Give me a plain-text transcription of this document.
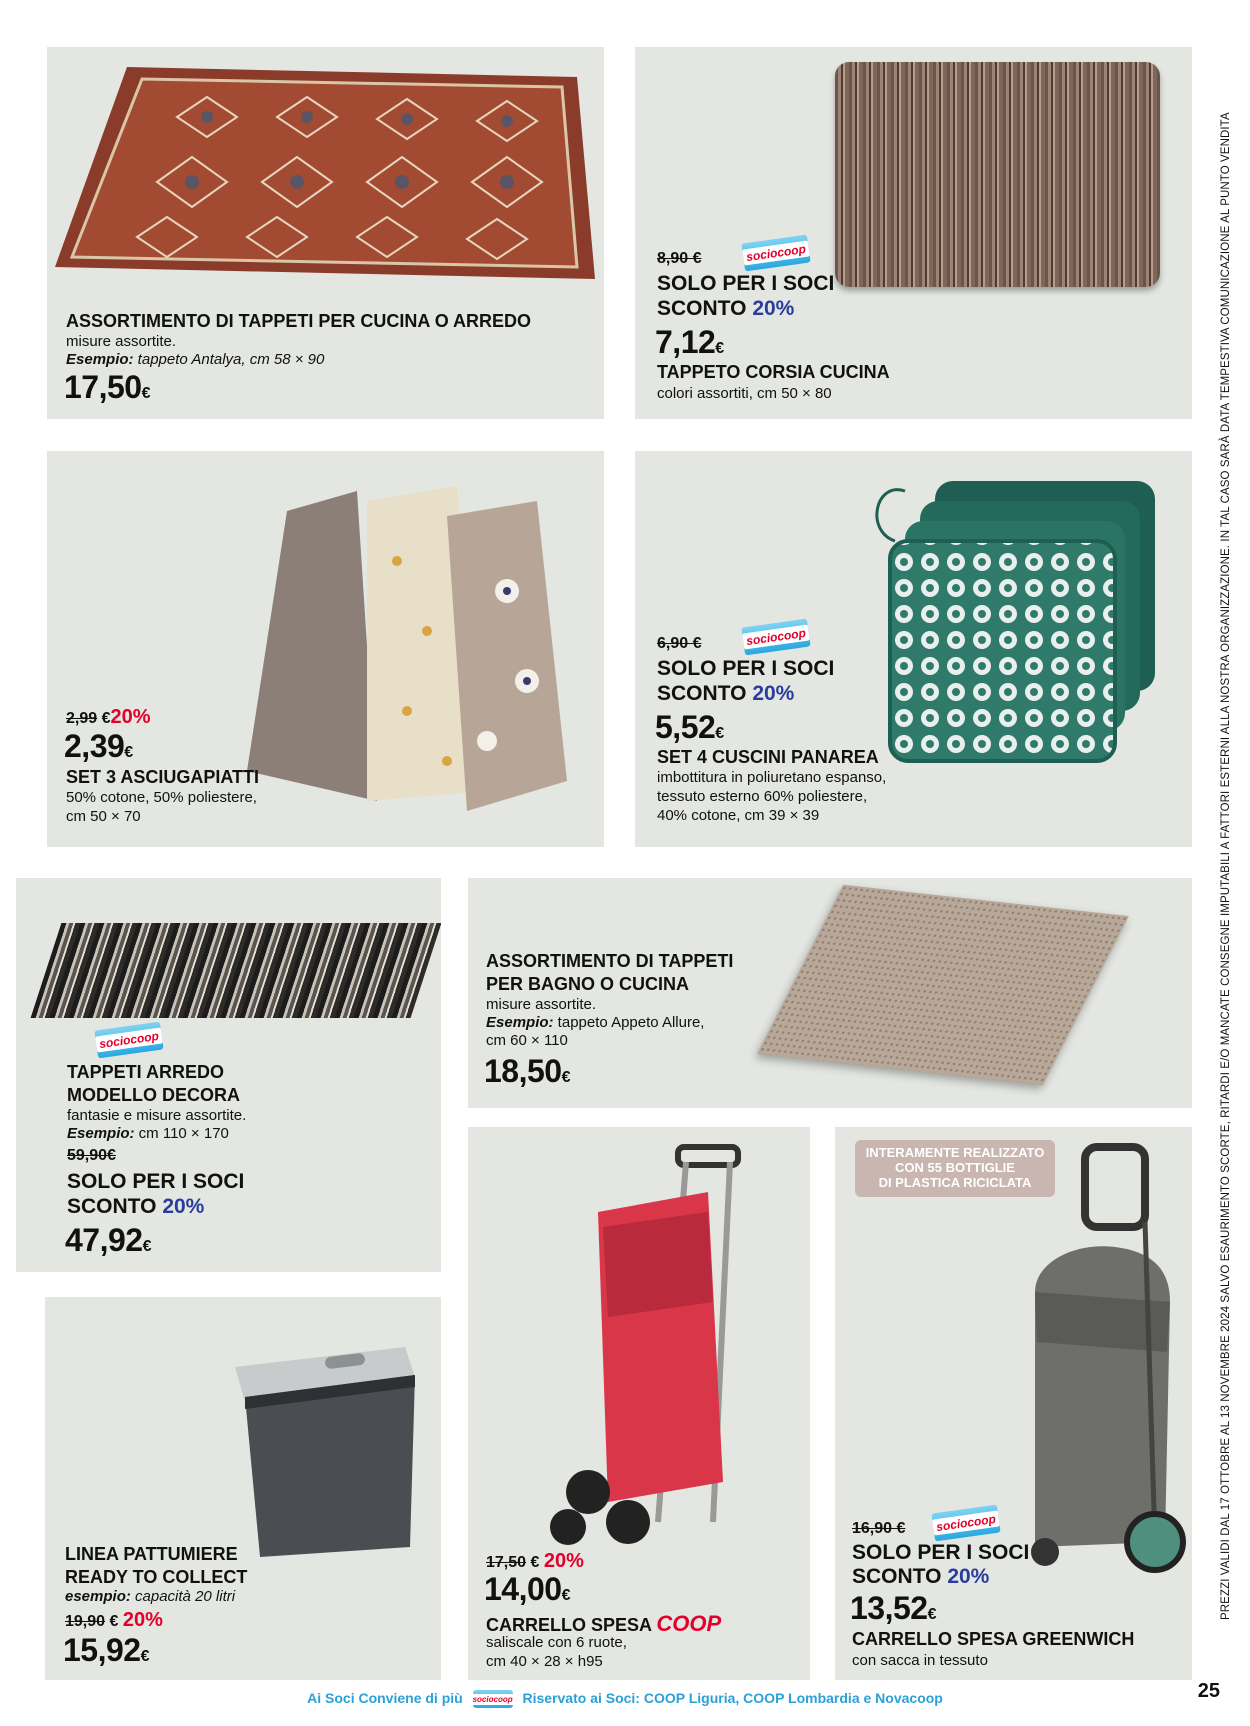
PREZZI VALIDI DAL 17 OTTOBRE AL 13 NOVEMBRE 2024 SALVO ESAURIMENTO SCORTE, RITARDI E/O MANCATE CONSEGNE IMPUTABILI A FATTORI ESTERNI ALLA NOSTRA ORGANIZZAZIONE. IN TAL CASO SARÀ DATA TEMPESTIVA COMUNICAZIONE AL PUNTO VENDITA
ASSORTIMENTO DI TAPPETI PER CUCINA O ARREDO
misure assortite.
Esempio: tappeto Antalya, cm 58 × 90
17,50€
8,90 €	sociocoop
SOLO PER I SOCI
SCONTO 20%
7,12€
TAPPETO CORSIA CUCINA
colori assortiti, cm 50 × 80
2,99 €20%
2,39€
SET 3 ASCIUGAPIATTI
50% cotone, 50% poliestere,
cm 50 × 70
6,90 €	sociocoop
SOLO PER I SOCI
SCONTO 20%
5,52€
SET 4 CUSCINI PANAREA
imbottitura in poliuretano espanso,
tessuto esterno 60% poliestere,
40% cotone, cm 39 × 39
sociocoop
TAPPETI ARREDO
MODELLO DECORA
fantasie e misure assortite.
Esempio: cm 110 × 170
59,90€
SOLO PER I SOCI
SCONTO 20%
47,92€
ASSORTIMENTO DI TAPPETI
PER BAGNO O CUCINA
misure assortite.
Esempio: tappeto Appeto Allure,
cm 60 × 110
18,50€
LINEA PATTUMIERE
READY TO COLLECT
esempio: capacità 20 litri
19,90 € 20%
15,92€
17,50 € 20%
14,00€
CARRELLO SPESA COOP
saliscale con 6 ruote,
cm 40 × 28 × h95
INTERAMENTE REALIZZATO
CON 55 BOTTIGLIE
DI PLASTICA RICICLATA
16,90 € sociocoop
SOLO PER I SOCI
SCONTO 20%
13,52€
CARRELLO SPESA GREENWICH
con sacca in tessuto
Ai Soci Conviene di più	sociocoop Riservato ai Soci: COOP Liguria, COOP Lombardia e Novacoop	25
